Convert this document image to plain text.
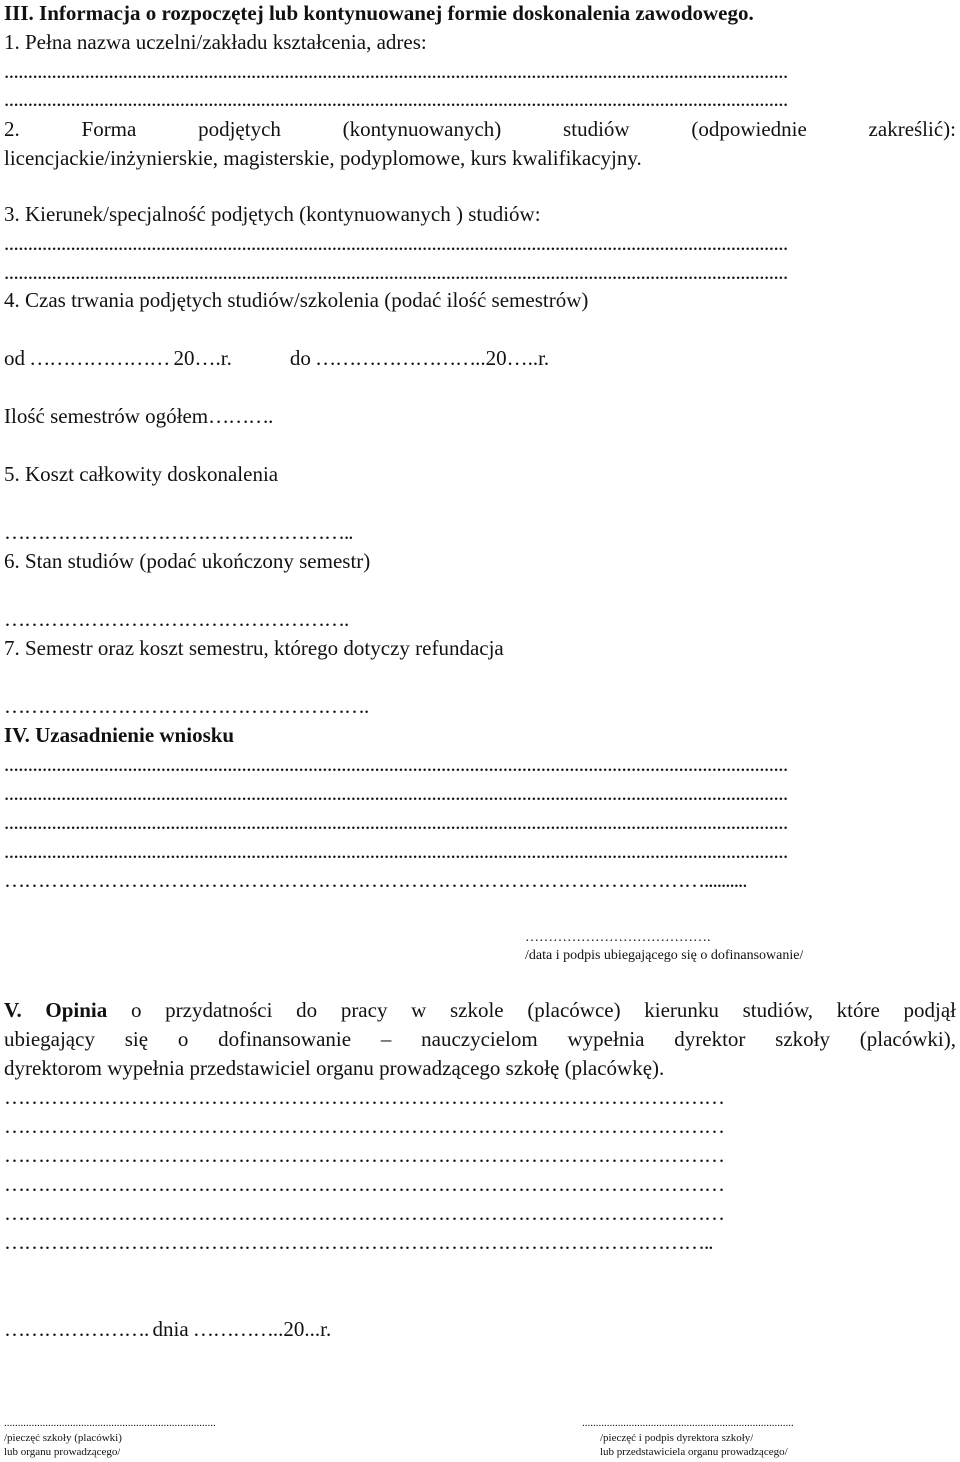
III. Informacja o rozpoczętej lub kontynuowanej formie doskonalenia zawodowego.
1. Pełna nazwa uczelni/zakładu kształcenia, adres:
.....................................................................................................................................................................
.....................................................................................................................................................................
2. Forma podjętych (kontynuowanych) studiów (odpowiednie zakreślić):
licencjackie/inżynierskie, magisterskie, podyplomowe, kurs kwalifikacyjny.
3. Kierunek/specjalność podjętych (kontynuowanych ) studiów:
.....................................................................................................................................................................
.....................................................................................................................................................................
4. Czas trwania podjętych studiów/szkolenia (podać ilość semestrów)
od ………………… 20….r.	do ……………………..20…..r.
Ilość semestrów ogółem……….
5. Koszt całkowity doskonalenia
……………………………………………..
6. Stan studiów (podać ukończony semestr)
…………………………………………….
7. Semestr oraz koszt semestru, którego dotyczy refundacja
……………………………………………….
IV. Uzasadnienie wniosku
.....................................................................................................................................................................
.....................................................................................................................................................................
.....................................................................................................................................................................
.....................................................................................................................................................................
……………………………………………………………………………………………..........
………………………………….
/data i podpis ubiegającego się o dofinansowanie/
V. Opinia o przydatności do pracy w szkole (placówce) kierunku studiów, które podjął
ubiegający się o dofinansowanie – nauczycielom wypełnia dyrektor szkoły (placówki),
dyrektorom wypełnia przedstawiciel organu prowadzącego szkołę (placówkę).
………………………………………………………………………………………………
………………………………………………………………………………………………
………………………………………………………………………………………………
………………………………………………………………………………………………
………………………………………………………………………………………………
……………………………………………………………………………………………..
…………………. dnia …………..20...r.
.............................................................................
/pieczęć szkoły (placówki)
lub organu prowadzącego/
.............................................................................
/pieczęć i podpis dyrektora szkoły/
lub przedstawiciela organu prowadzącego/
